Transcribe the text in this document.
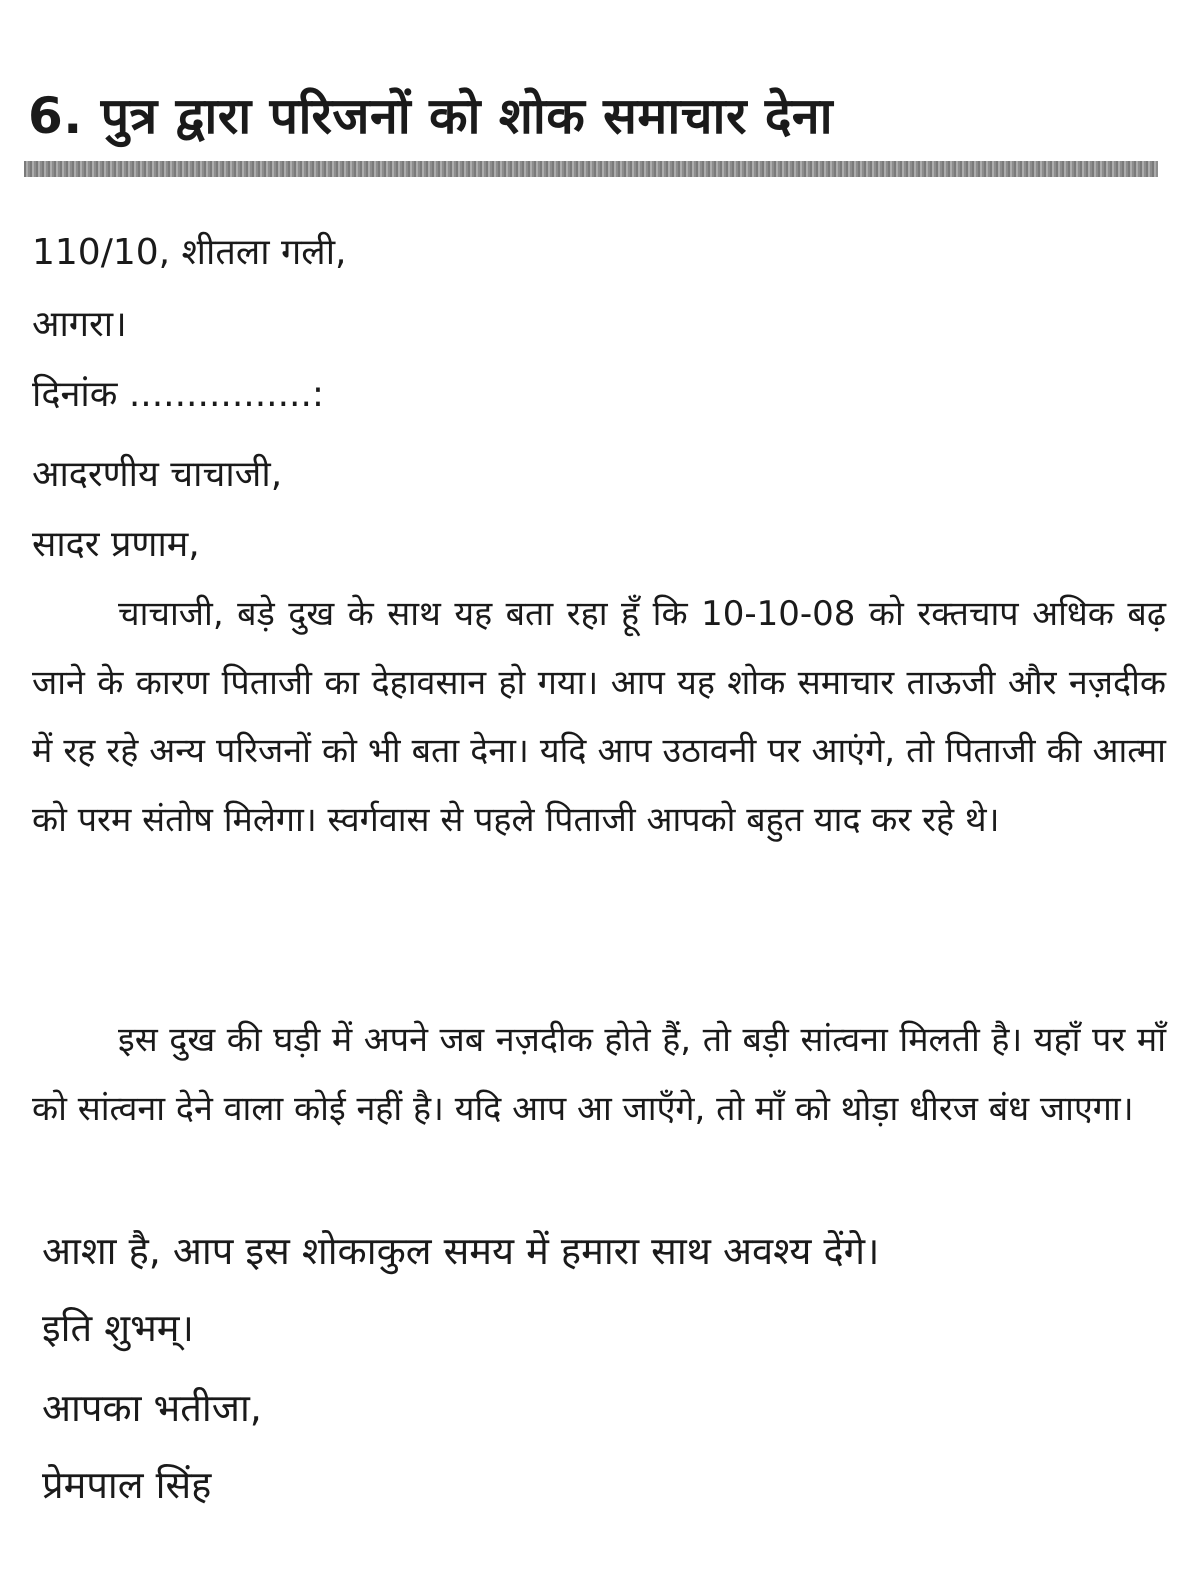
6. पुत्र द्वारा परिजनों को शोक समाचार देना
110/10, शीतला गली,
आगरा।
दिनांक ................:
आदरणीय चाचाजी,
सादर प्रणाम,
चाचाजी, बड़े दुख के साथ यह बता रहा हूँ कि 10-10-08 को रक्तचाप अधिक बढ़ जाने के कारण पिताजी का देहावसान हो गया। आप यह शोक समाचार ताऊजी और नज़दीक में रह रहे अन्य परिजनों को भी बता देना। यदि आप उठावनी पर आएंगे, तो पिताजी की आत्मा को परम संतोष मिलेगा। स्वर्गवास से पहले पिताजी आपको बहुत याद कर रहे थे।
इस दुख की घड़ी में अपने जब नज़दीक होते हैं, तो बड़ी सांत्वना मिलती है। यहाँ पर माँ को सांत्वना देने वाला कोई नहीं है। यदि आप आ जाएँगे, तो माँ को थोड़ा धीरज बंध जाएगा।
आशा है, आप इस शोकाकुल समय में हमारा साथ अवश्य देंगे।
इति शुभम्।
आपका भतीजा,
प्रेमपाल सिंह
